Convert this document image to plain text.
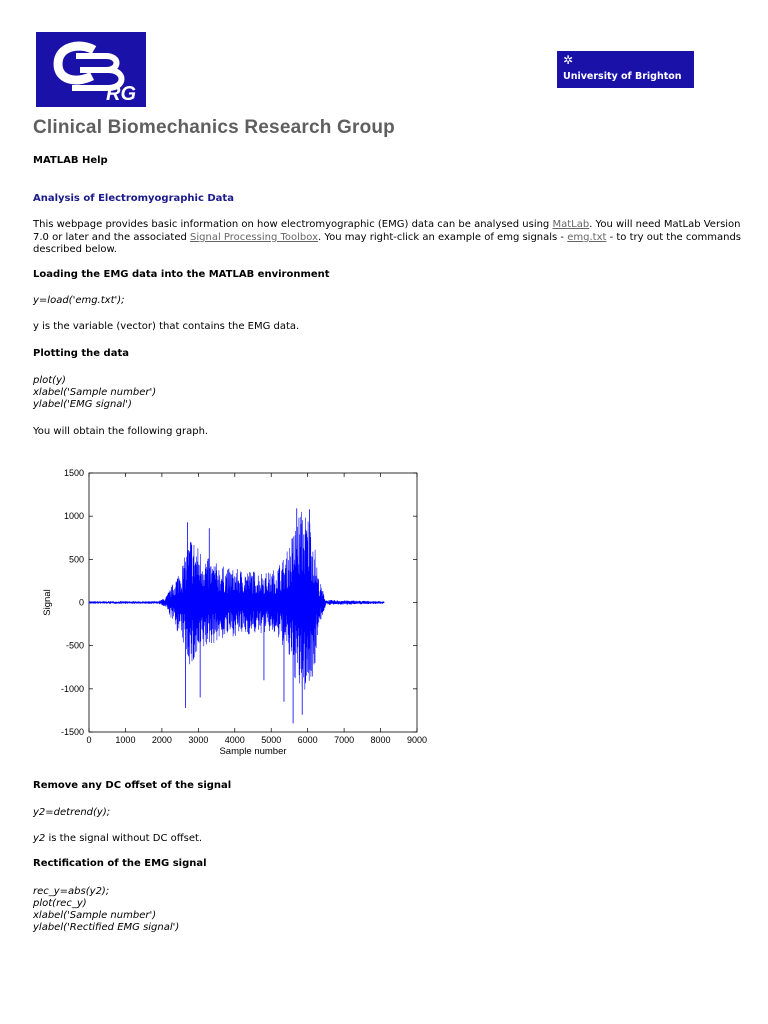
RG
✲
University of Brighton
Clinical Biomechanics Research Group
MATLAB Help
Analysis of Electromyographic Data
This webpage provides basic information on how electromyographic (EMG) data can be analysed using MatLab. You will need MatLab Version 7.0 or later and the associated Signal Processing Toolbox. You may right-click an example of emg signals - emg.txt - to try out the commands described below.
Loading the EMG data into the MATLAB environment
y=load('emg.txt');
y is the variable (vector) that contains the EMG data.
Plotting the data
plot(y)
xlabel('Sample number')
ylabel('EMG signal')
You will obtain the following graph.
0	1000 2000 3000 4000 5000 6000 7000 8000 9000
1500
1000
500
0
-500
-1000
-1500
Sample number
Signal
Remove any DC offset of the signal
y2=detrend(y);
y2 is the signal without DC offset.
Rectification of the EMG signal
rec_y=abs(y2);
plot(rec_y)
xlabel('Sample number')
ylabel('Rectified EMG signal')
